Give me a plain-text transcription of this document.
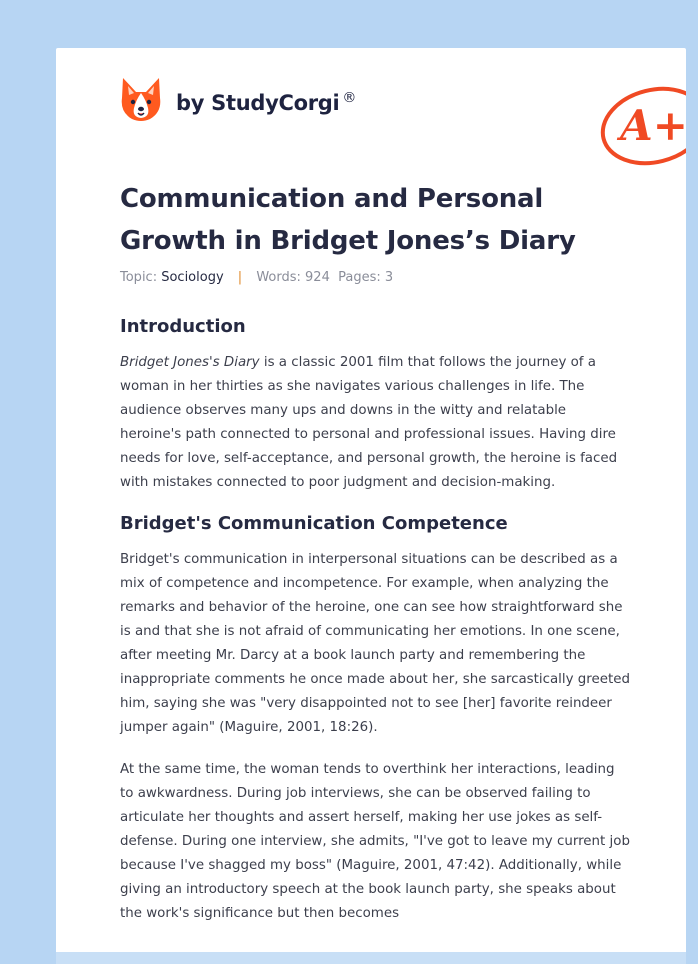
by StudyCorgi ®
A+
Communication and Personal Growth in Bridget Jones’s Diary
Topic: Sociology | Words: 924 Pages: 3
Introduction

Bridget Jones's Diary is a classic 2001 film that follows the journey of a woman in her thirties as she navigates various challenges in life. The audience observes many ups and downs in the witty and relatable heroine's path connected to personal and professional issues. Having dire needs for love, self-acceptance, and personal growth, the heroine is faced with mistakes connected to poor judgment and decision-making.

Bridget's Communication Competence

Bridget's communication in interpersonal situations can be described as a mix of competence and incompetence. For example, when analyzing the remarks and behavior of the heroine, one can see how straightforward she is and that she is not afraid of communicating her emotions. In one scene, after meeting Mr. Darcy at a book launch party and remembering the inappropriate comments he once made about her, she sarcastically greeted him, saying she was "very disappointed not to see [her] favorite reindeer jumper again" (Maguire, 2001, 18:26).

At the same time, the woman tends to overthink her interactions, leading to awkwardness. During job interviews, she can be observed failing to articulate her thoughts and assert herself, making her use jokes as self-defense. During one interview, she admits, "I've got to leave my current job because I've shagged my boss" (Maguire, 2001, 47:42). Additionally, while giving an introductory speech at the book launch party, she speaks about the work's significance but then becomes
